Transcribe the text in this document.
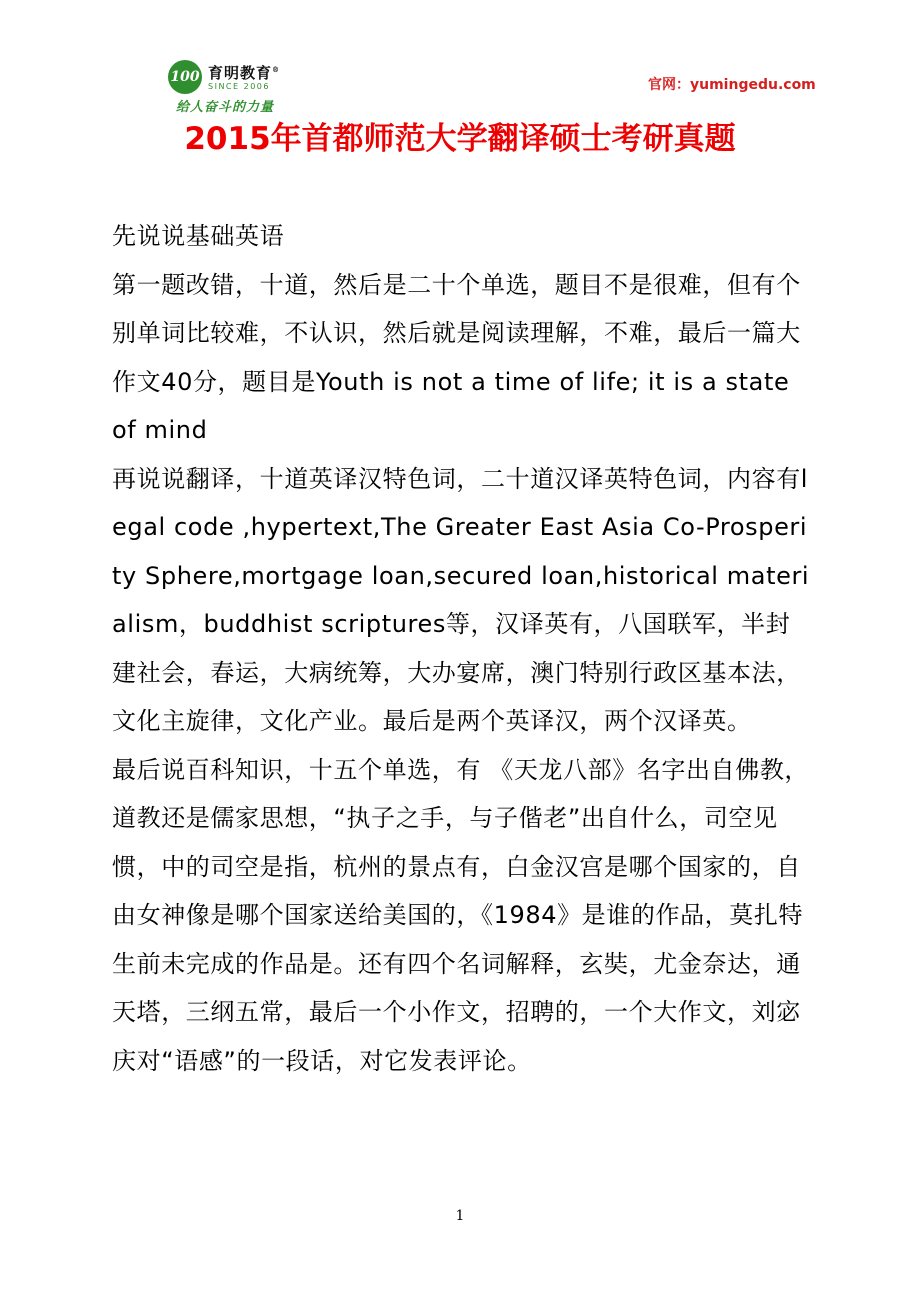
100 育明教育®
SINCE 2006
给人奋斗的力量
官网：yumingedu.com
2015年首都师范大学翻译硕士考研真题

先说说基础英语

第一题改错，十道，然后是二十个单选，题目不是很难，但有个别单词比较难，不认识，然后就是阅读理解，不难，最后一篇大作文40分，题目是Youth is not a time of life; it is a state of mind

再说说翻译，十道英译汉特色词，二十道汉译英特色词，内容有legal code ,hypertext,The Greater East Asia Co-Prosperity Sphere,mortgage loan,secured loan,historical materialism，buddhist scriptures等，汉译英有，八国联军，半封建社会，春运，大病统筹，大办宴席，澳门特别行政区基本法，文化主旋律，文化产业。最后是两个英译汉，两个汉译英。

最后说百科知识，十五个单选，有 《天龙八部》名字出自佛教，道教还是儒家思想，“执子之手，与子偕老”出自什么，司空见惯，中的司空是指，杭州的景点有，白金汉宫是哪个国家的，自由女神像是哪个国家送给美国的，《1984》是谁的作品，莫扎特生前未完成的作品是。还有四个名词解释，玄奘，尤金奈达，通天塔，三纲五常，最后一个小作文，招聘的，一个大作文，刘宓庆对“语感”的一段话，对它发表评论。

1
